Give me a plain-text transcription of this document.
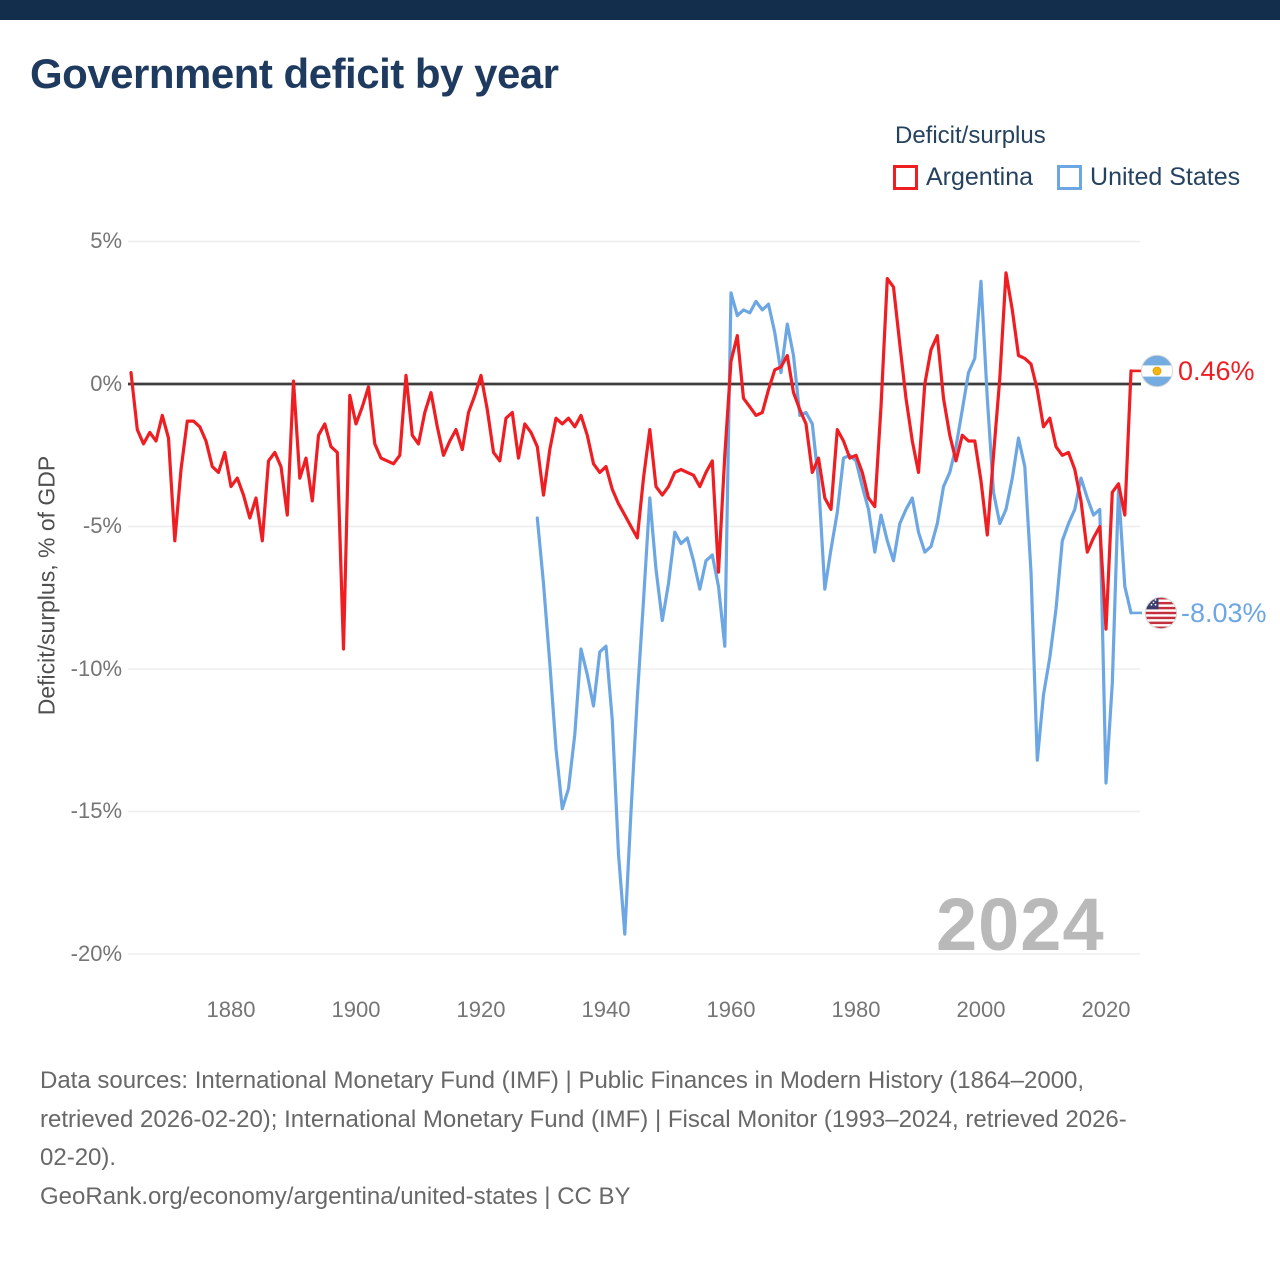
Government deficit by year
Deficit/surplus
Argentina United States
Deficit/surplus, % of GDP
5%
0%
-5%
-10%
-15%
-20%
1880	1900	1920	1940	1960	1980	2000	2020
2024
0.46%
-8.03%
Data sources: International Monetary Fund (IMF) | Public Finances in Modern History (1864–2000,
retrieved 2026-02-20); International Monetary Fund (IMF) | Fiscal Monitor (1993–2024, retrieved 2026-
02-20).
GeoRank.org/economy/argentina/united-states | CC BY
